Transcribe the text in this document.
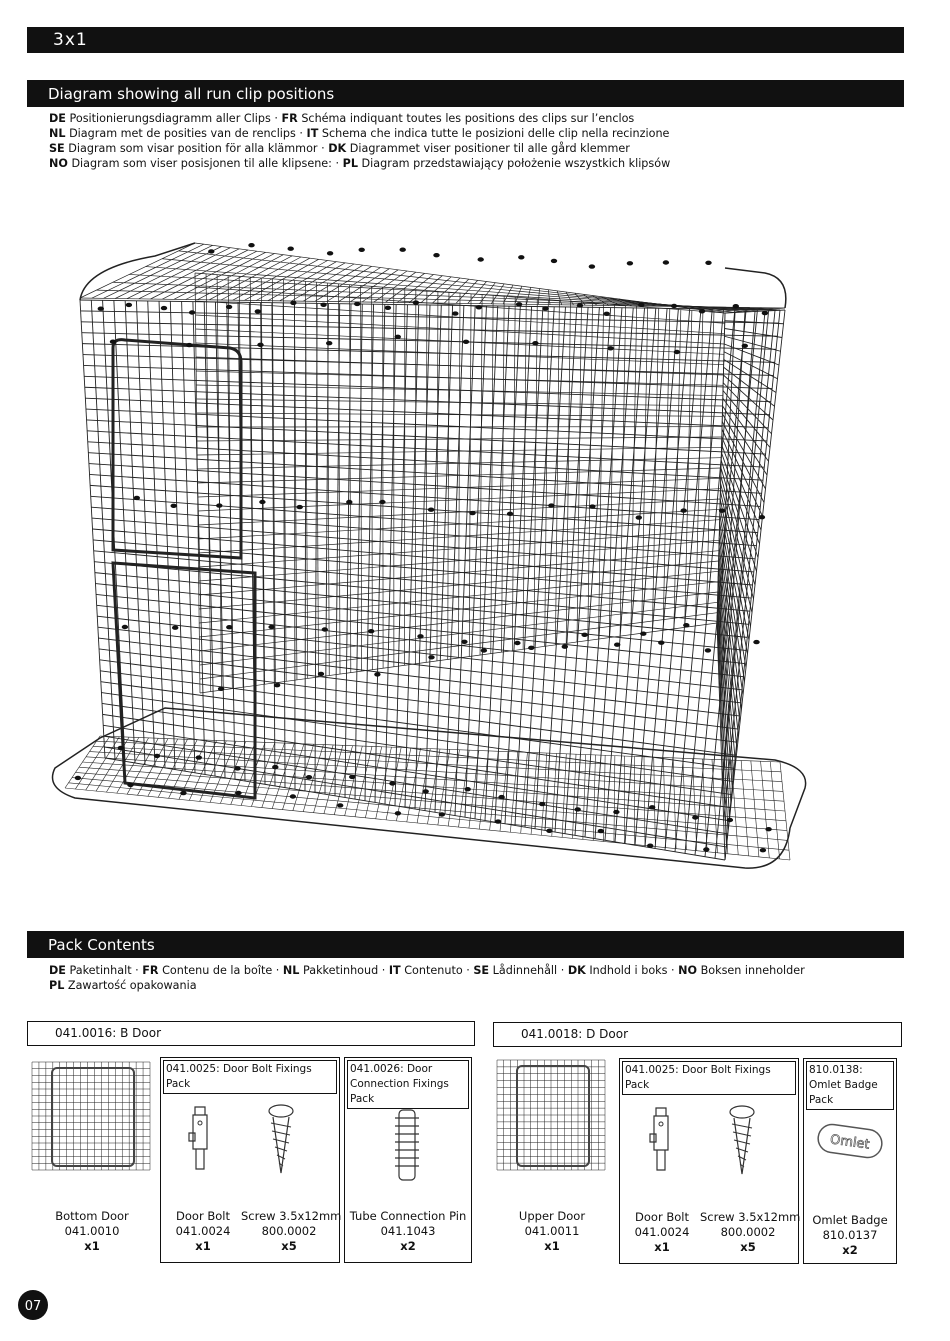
3x1
Diagram showing all run clip positions
DE Positionierungsdiagramm aller Clips · FR Schéma indiquant toutes les positions des clips sur l’enclos
NL Diagram met de posities van de renclips · IT Schema che indica tutte le posizioni delle clip nella recinzione
SE Diagram som visar position för alla klämmor · DK Diagrammet viser positioner til alle gård klemmer
NO Diagram som viser posisjonen til alle klipsene: · PL Diagram przedstawiający położenie wszystkich klipsów
Pack Contents
DE Paketinhalt · FR Contenu de la boîte · NL Pakketinhoud · IT Contenuto · SE Lådinnehåll · DK Indhold i boks · NO Boksen inneholder
PL Zawartość opakowania
041.0016: B Door
Bottom Door
041.0010
x1
041.0025: Door Bolt Fixings Pack
Door Bolt
041.0024
x1
Screw 3.5x12mm
800.0002
x5
041.0026: Door Connection Fixings Pack
Tube Connection Pin
041.1043
x2
041.0018: D Door
Upper Door
041.0011
x1
041.0025: Door Bolt Fixings Pack
Door Bolt
041.0024
x1
Screw 3.5x12mm
800.0002
x5
810.0138: Omlet Badge Pack
Omlet
Omlet Badge
810.0137
x2
07
